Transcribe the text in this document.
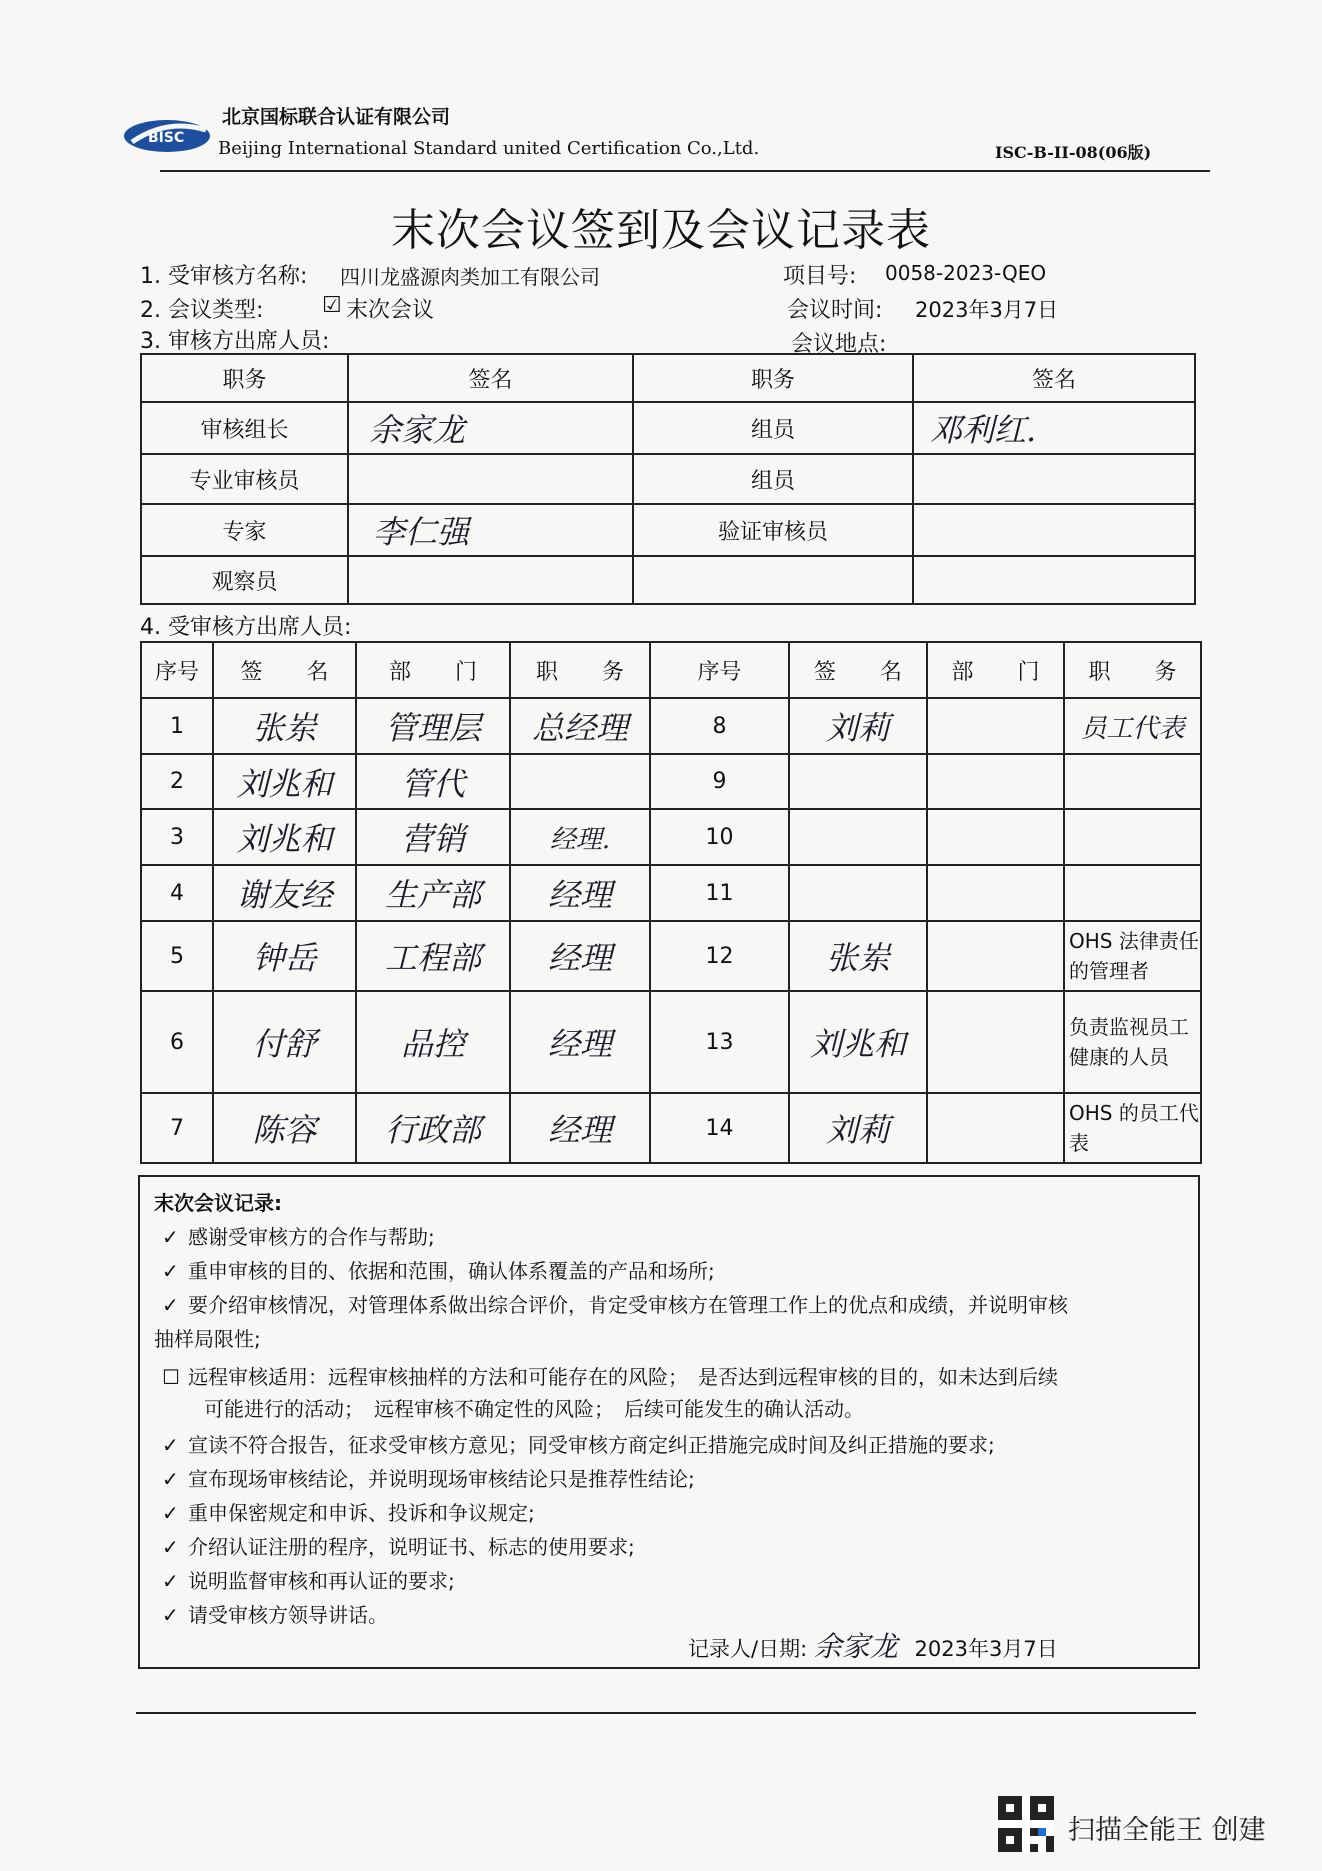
BISC
北京国标联合认证有限公司
Beijing International Standard united Certification Co.,Ltd.	ISC-B-II-08(06版)
末次会议签到及会议记录表
1. 受审核方名称: 四川龙盛源肉类加工有限公司	项目号: 0058-2023-QEO
2. 会议类型:	☑ 末次会议	会议时间: 2023年3月7日
3. 审核方出席人员:	会议地点:
职务	签名	职务	签名
审核组长	余家龙	组员	邓利红.
专业审核员		组员	
专家	李仁强	验证审核员	
观察员			
4. 受审核方出席人员:
序号	签　　名	部　　门	职　　务	序号	签　　名	部　　门	职　　务
1	张岽	管理层	总经理	8	刘莉		员工代表
2	刘兆和	管代		9			
3	刘兆和	营销	经理.	10			
4	谢友经	生产部	经理	11			
5	钟岳	工程部	经理	12	张岽		OHS 法律责任的管理者
6	付舒	品控	经理	13	刘兆和		负责监视员工健康的人员
7	陈容	行政部	经理	14	刘莉		OHS 的员工代表
末次会议记录:
✓ 感谢受审核方的合作与帮助;
✓ 重申审核的目的、依据和范围，确认体系覆盖的产品和场所;
✓ 要介绍审核情况，对管理体系做出综合评价，肯定受审核方在管理工作上的优点和成绩，并说明审核
抽样局限性;
☐ 远程审核适用：远程审核抽样的方法和可能存在的风险；　是否达到远程审核的目的，如未达到后续
可能进行的活动；　远程审核不确定性的风险；　后续可能发生的确认活动。
✓ 宣读不符合报告，征求受审核方意见；同受审核方商定纠正措施完成时间及纠正措施的要求;
✓ 宣布现场审核结论，并说明现场审核结论只是推荐性结论;
✓ 重申保密规定和申诉、投诉和争议规定;
✓ 介绍认证注册的程序，说明证书、标志的使用要求;
✓ 说明监督审核和再认证的要求;
✓ 请受审核方领导讲话。
记录人/日期: 余家龙 2023年3月7日
扫描全能王 创建
